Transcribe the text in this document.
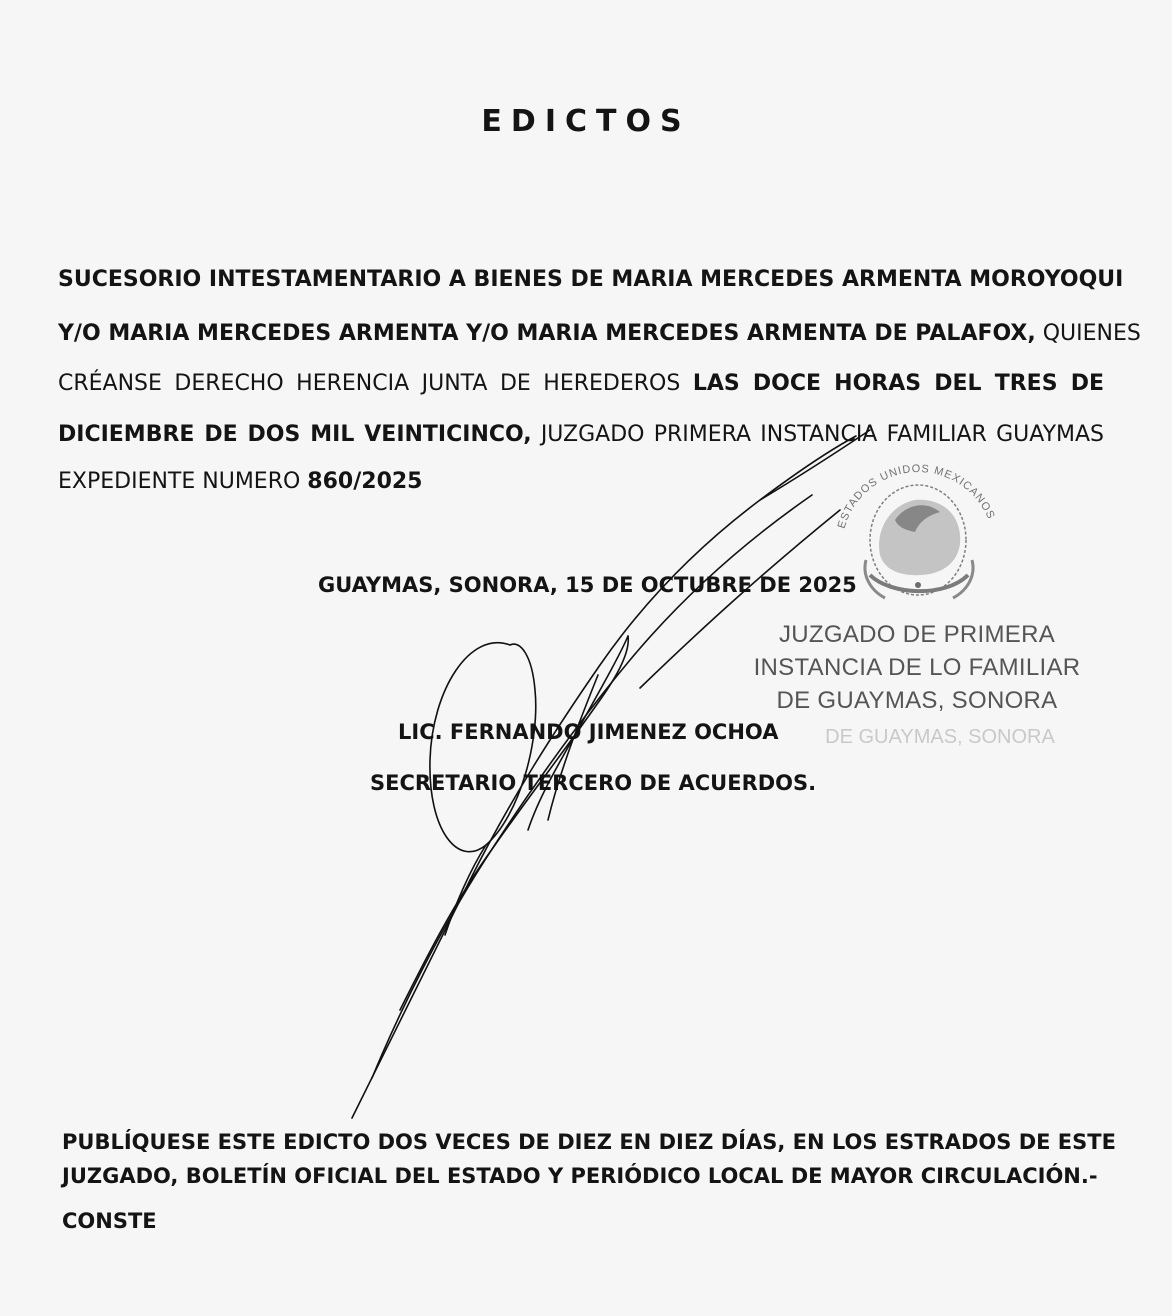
EDICTOS
SUCESORIO INTESTAMENTARIO A BIENES DE MARIA MERCEDES ARMENTA MOROYOQUI
Y/O MARIA MERCEDES ARMENTA Y/O MARIA MERCEDES ARMENTA DE PALAFOX, QUIENES
CRÉANSE DERECHO HERENCIA JUNTA DE HEREDEROS LAS DOCE HORAS DEL TRES DE
DICIEMBRE DE DOS MIL VEINTICINCO, JUZGADO PRIMERA INSTANCIA FAMILIAR GUAYMAS
EXPEDIENTE NUMERO 860/2025
GUAYMAS, SONORA, 15 DE OCTUBRE DE 2025
LIC. FERNANDO JIMENEZ OCHOA
SECRETARIO TERCERO DE ACUERDOS.
PUBLÍQUESE ESTE EDICTO DOS VECES DE DIEZ EN DIEZ DÍAS, EN LOS ESTRADOS DE ESTE
JUZGADO, BOLETÍN OFICIAL DEL ESTADO Y PERIÓDICO LOCAL DE MAYOR CIRCULACIÓN.-
CONSTE
DE GUAYMAS, SONORA
JUZGADO DE PRIMERA
INSTANCIA DE LO FAMILIAR
DE GUAYMAS, SONORA
ESTADOS UNIDOS MEXICANOS
